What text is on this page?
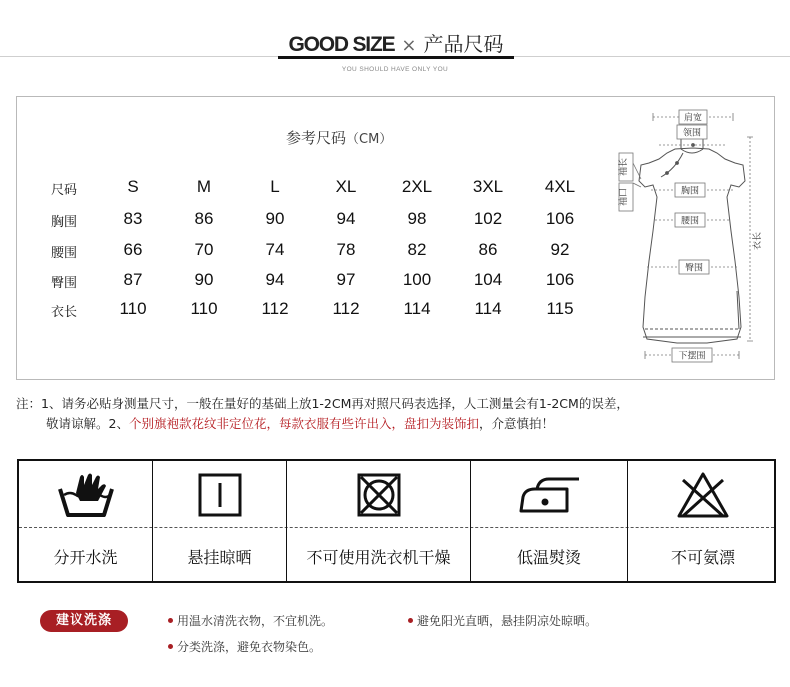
GOOD SIZE × 产品尺码
YOU SHOULD HAVE ONLY YOU
参考尺码（CM）
尺码	S	M	L	XL	2XL	3XL	4XL
胸围	83	86	90	94	98	102	106
腰围	66	70	74	78	82	86	92
臀围	87	90	94	97	100	104	106
衣长	110	110	112	112	114	114	115
肩宽
领围
胸围
腰围
臀围
下摆围
袖长
袖口
衣长
注：1、请务必贴身测量尺寸，一般在量好的基础上放1-2CM再对照尺码表选择，人工测量会有1-2CM的误差，
敬请谅解。2、个别旗袍款花纹非定位花，每款衣服有些许出入，盘扣为装饰扣，介意慎拍！
分开水洗	悬挂晾晒	不可使用洗衣机干燥	低温熨烫	不可氨漂
建议洗涤	用温水清洗衣物，不宜机洗。	避免阳光直晒，悬挂阴凉处晾晒。
分类洗涤，避免衣物染色。
